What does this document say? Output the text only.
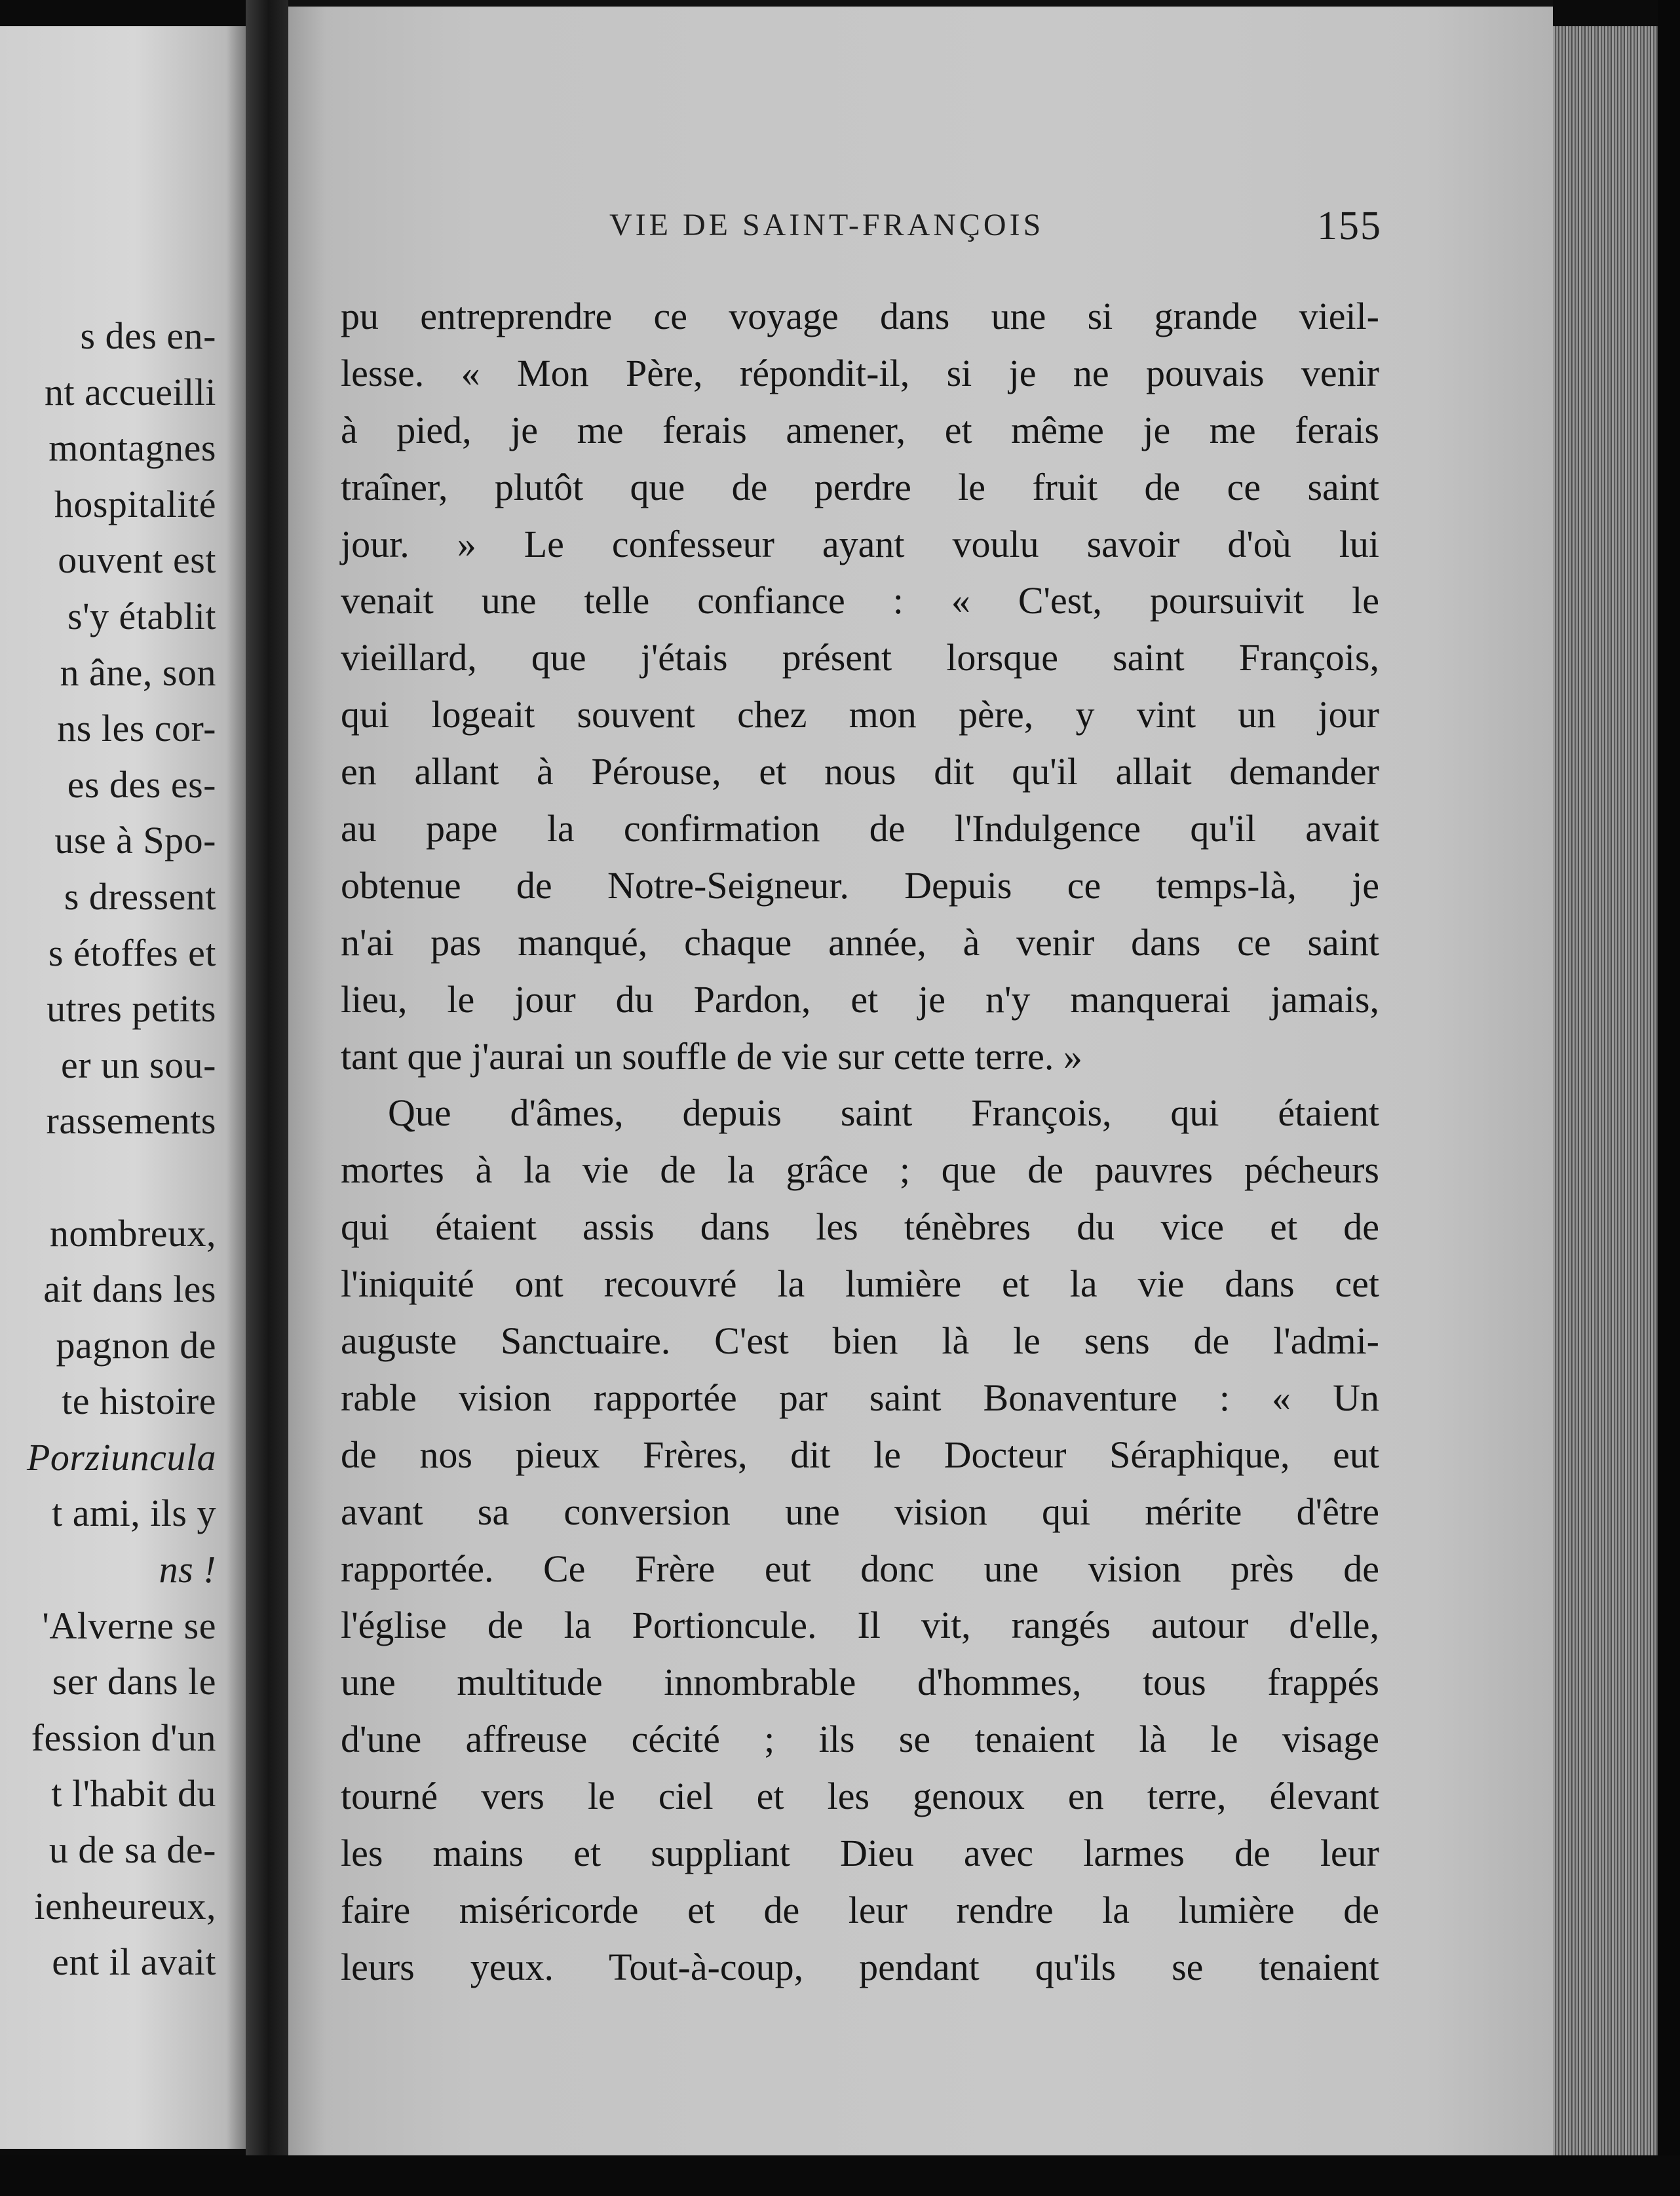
s des en-
nt accueilli
montagnes
hospitalité
ouvent est
s'y établit
n âne, son
ns les cor-
es des es-
use à Spo-
s dressent
s étoffes et
utres petits
er un sou-
rassements
nombreux,
ait dans les
pagnon de
te histoire
Porziuncula
t ami, ils y
ns !
'Alverne se
ser dans le
fession d'un
t l'habit du
u de sa de-
ienheureux,
ent il avait
VIE DE SAINT-FRANÇOIS	155
pu entreprendre ce voyage dans une si grande vieil-
lesse. « Mon Père, répondit-il, si je ne pouvais venir
à pied, je me ferais amener, et même je me ferais
traîner, plutôt que de perdre le fruit de ce saint
jour. » Le confesseur ayant voulu savoir d'où lui
venait une telle confiance : « C'est, poursuivit le
vieillard, que j'étais présent lorsque saint François,
qui logeait souvent chez mon père, y vint un jour
en allant à Pérouse, et nous dit qu'il allait demander
au pape la confirmation de l'Indulgence qu'il avait
obtenue de Notre-Seigneur. Depuis ce temps-là, je
n'ai pas manqué, chaque année, à venir dans ce saint
lieu, le jour du Pardon, et je n'y manquerai jamais,
tant que j'aurai un souffle de vie sur cette terre. »
Que d'âmes, depuis saint François, qui étaient
mortes à la vie de la grâce ; que de pauvres pécheurs
qui étaient assis dans les ténèbres du vice et de
l'iniquité ont recouvré la lumière et la vie dans cet
auguste Sanctuaire. C'est bien là le sens de l'admi-
rable vision rapportée par saint Bonaventure : « Un
de nos pieux Frères, dit le Docteur Séraphique, eut
avant sa conversion une vision qui mérite d'être
rapportée. Ce Frère eut donc une vision près de
l'église de la Portioncule. Il vit, rangés autour d'elle,
une multitude innombrable d'hommes, tous frappés
d'une affreuse cécité ; ils se tenaient là le visage
tourné vers le ciel et les genoux en terre, élevant
les mains et suppliant Dieu avec larmes de leur
faire miséricorde et de leur rendre la lumière de
leurs yeux. Tout-à-coup, pendant qu'ils se tenaient
